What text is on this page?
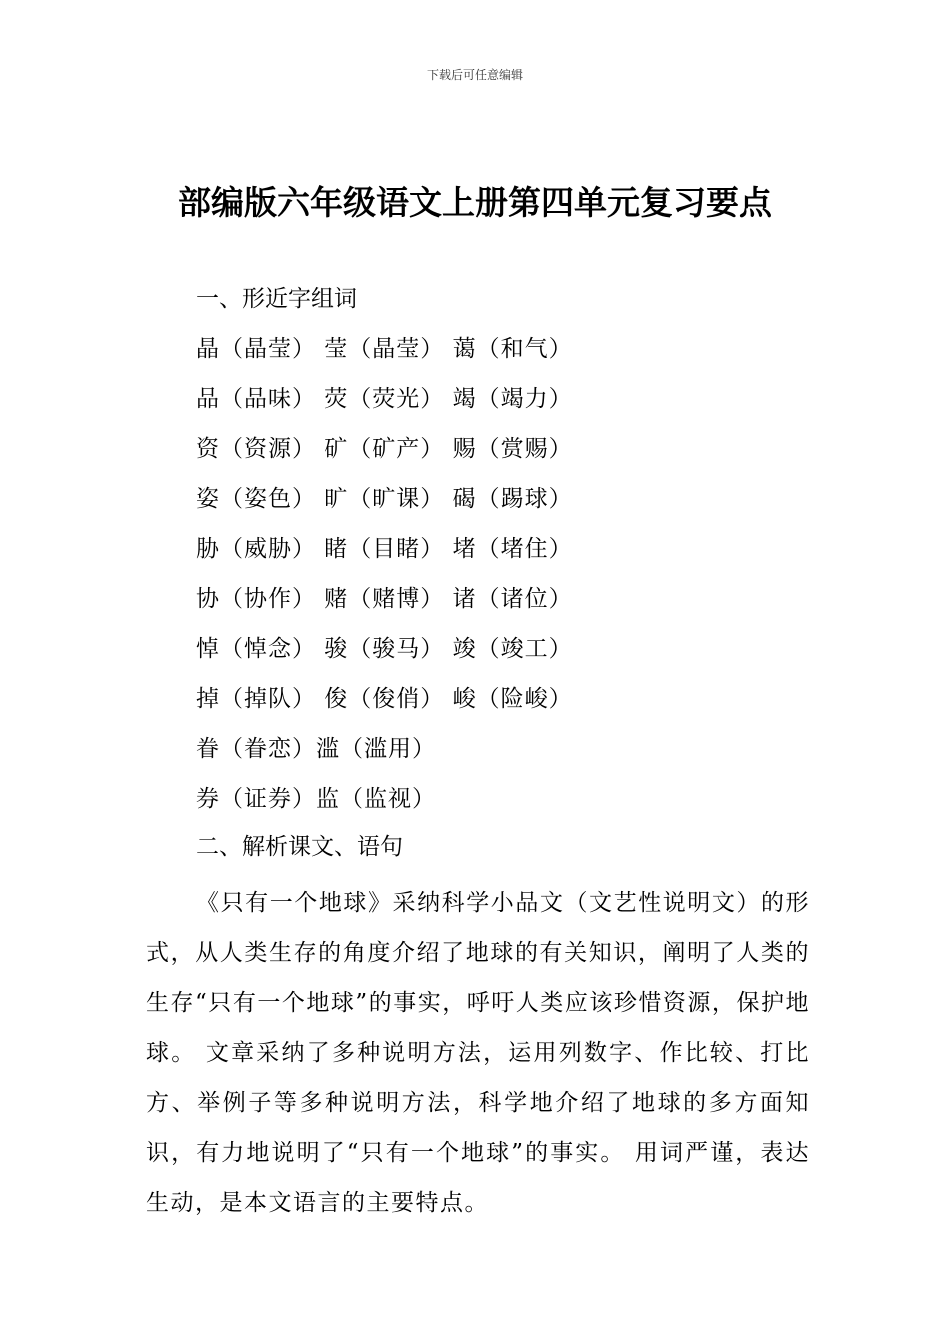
下载后可任意编辑
部编版六年级语文上册第四单元复习要点
一、形近字组词
晶（晶莹） 莹（晶莹） 蔼（和气）
品（品味） 荧（荧光） 竭（竭力）
资（资源） 矿（矿产） 赐（赏赐）
姿（姿色） 旷（旷课） 碣（踢球）
胁（威胁） 睹（目睹） 堵（堵住）
协（协作） 赌（赌博） 诸（诸位）
悼（悼念） 骏（骏马） 竣（竣工）
掉（掉队） 俊（俊俏） 峻（险峻）
眷（眷恋）滥（滥用）
券（证券）监（监视）
二、解析课文、语句

《只有一个地球》采纳科学小品文（文艺性说明文）的形式，从人类生存的角度介绍了地球的有关知识，阐明了人类的生存“只有一个地球”的事实，呼吁人类应该珍惜资源，保护地球。 文章采纳了多种说明方法，运用列数字、作比较、打比方、举例子等多种说明方法，科学地介绍了地球的多方面知识，有力地说明了“只有一个地球”的事实。 用词严谨，表达生动，是本文语言的主要特点。
